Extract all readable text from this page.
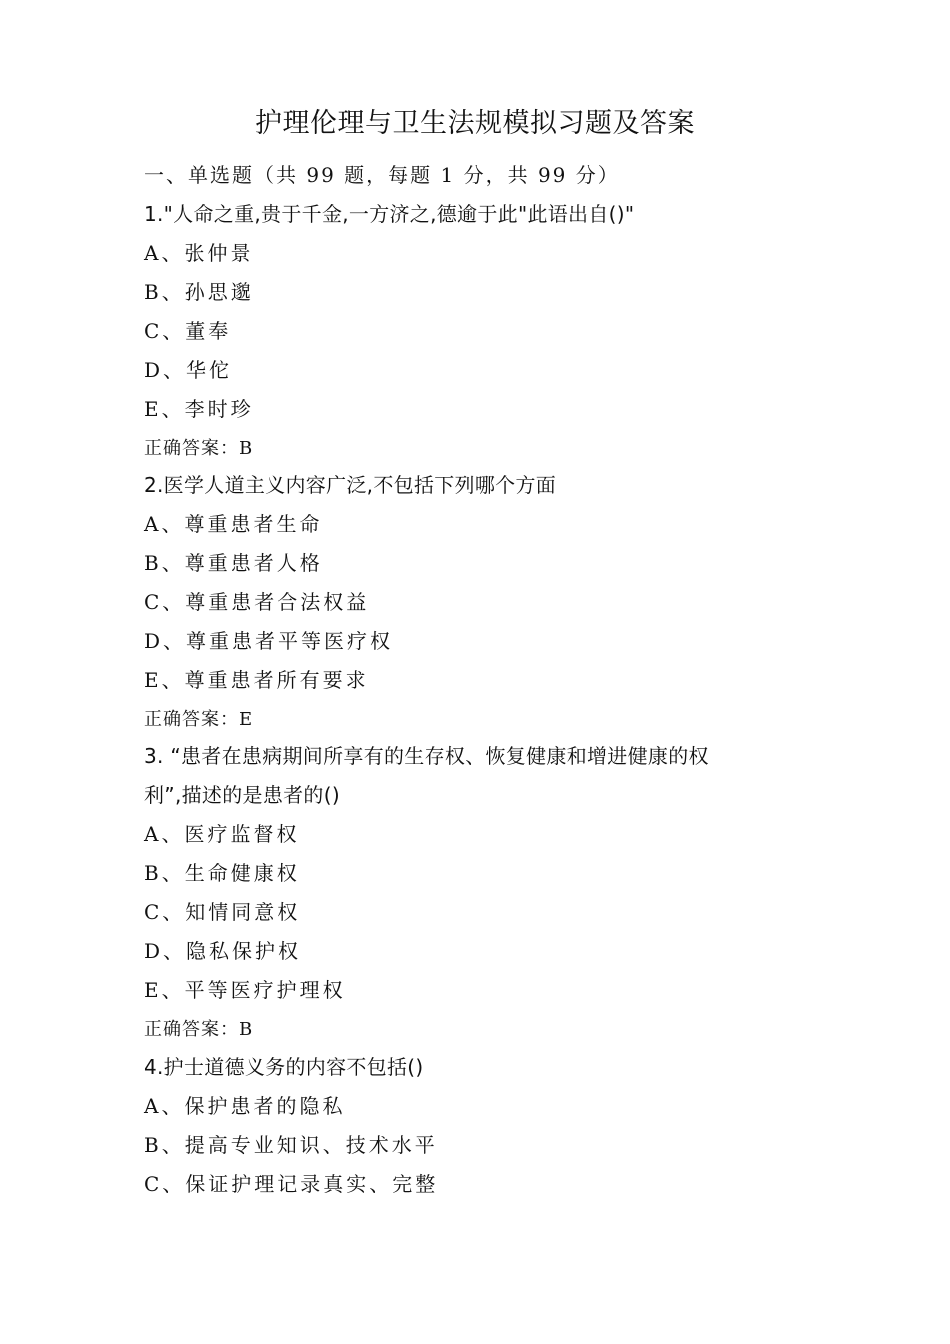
护理伦理与卫生法规模拟习题及答案
一、单选题（共 99 题，每题 1 分，共 99 分）
1."人命之重,贵于千金,一方济之,德逾于此"此语出自()"
A、张仲景
B、孙思邈
C、董奉
D、华佗
E、李时珍
正确答案：B
2.医学人道主义内容广泛,不包括下列哪个方面
A、尊重患者生命
B、尊重患者人格
C、尊重患者合法权益
D、尊重患者平等医疗权
E、尊重患者所有要求
正确答案：E
3. “患者在患病期间所享有的生存权、恢复健康和增进健康的权
利”,描述的是患者的()
A、医疗监督权
B、生命健康权
C、知情同意权
D、隐私保护权
E、平等医疗护理权
正确答案：B
4.护士道德义务的内容不包括()
A、保护患者的隐私
B、提高专业知识、技术水平
C、保证护理记录真实、完整
